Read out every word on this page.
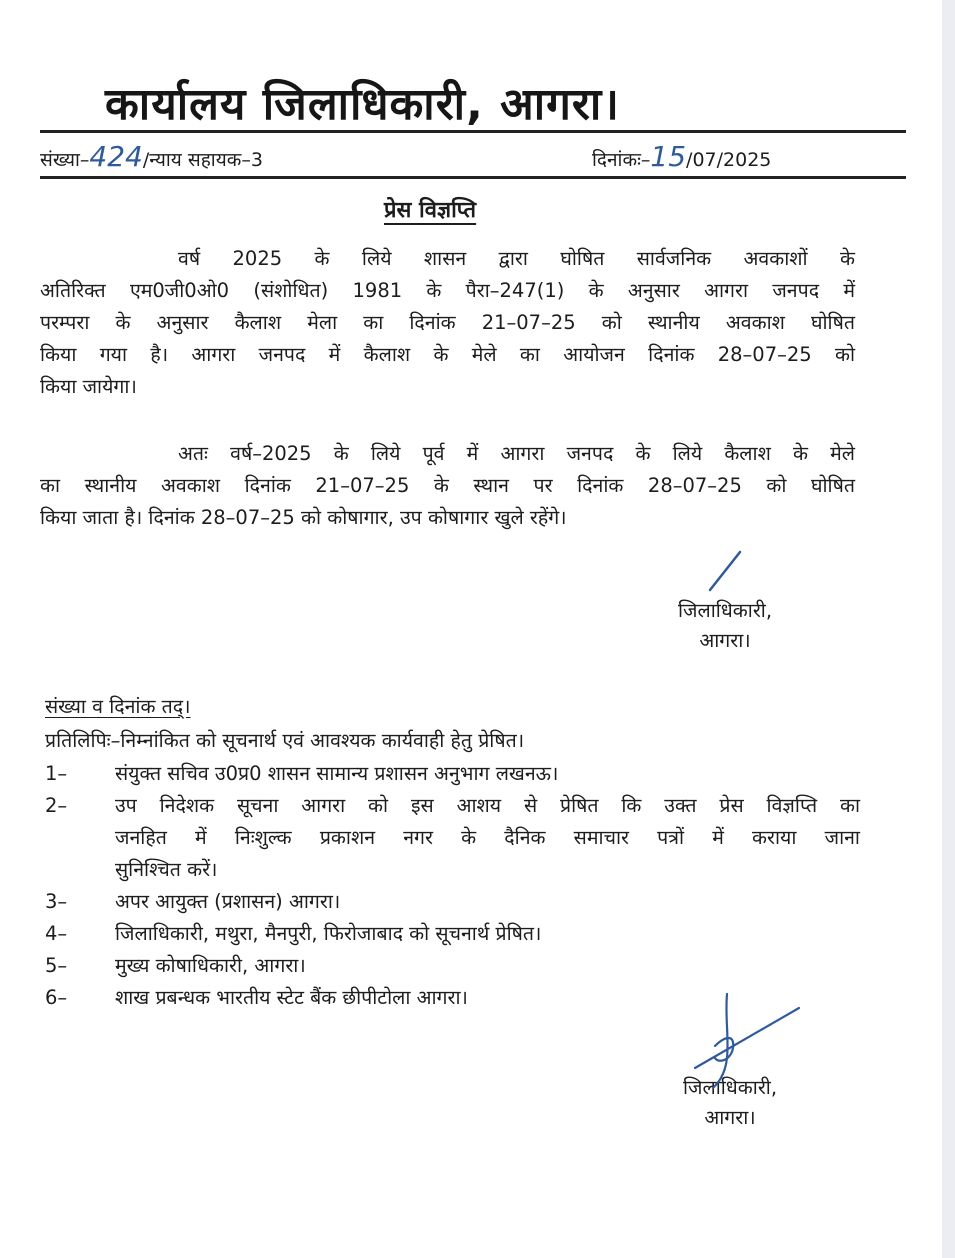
कार्यालय जिलाधिकारी, आगरा।
संख्या–424/न्याय सहायक–3	दिनांकः–15/07/2025
प्रेस विज्ञप्ति
वर्ष 2025 के लिये शासन द्वारा घोषित सार्वजनिक अवकाशों के
अतिरिक्त एम0जी0ओ0 (संशोधित) 1981 के पैरा–247(1) के अनुसार आगरा जनपद में
परम्परा के अनुसार कैलाश मेला का दिनांक 21–07–25 को स्थानीय अवकाश घोषित
किया गया है। आगरा जनपद में कैलाश के मेले का आयोजन दिनांक 28–07–25 को
किया जायेगा।
अतः वर्ष–2025 के लिये पूर्व में आगरा जनपद के लिये कैलाश के मेले
का स्थानीय अवकाश दिनांक 21–07–25 के स्थान पर दिनांक 28–07–25 को घोषित
किया जाता है। दिनांक 28–07–25 को कोषागार, उप कोषागार खुले रहेंगे।
जिलाधिकारी,
आगरा।
संख्या व दिनांक तद्।
प्रतिलिपिः–निम्नांकित को सूचनार्थ एवं आवश्यक कार्यवाही हेतु प्रेषित।
1–	संयुक्त सचिव उ0प्र0 शासन सामान्य प्रशासन अनुभाग लखनऊ।
2–	उप निदेशक सूचना आगरा को इस आशय से प्रेषित कि उक्त प्रेस विज्ञप्ति का
जनहित में निःशुल्क प्रकाशन नगर के दैनिक समाचार पत्रों में कराया जाना
सुनिश्चित करें।
3–	अपर आयुक्त (प्रशासन) आगरा।
4–	जिलाधिकारी, मथुरा, मैनपुरी, फिरोजाबाद को सूचनार्थ प्रेषित।
5–	मुख्य कोषाधिकारी, आगरा।
6–	शाख प्रबन्धक भारतीय स्टेट बैंक छीपीटोला आगरा।
जिलाधिकारी,
आगरा।
